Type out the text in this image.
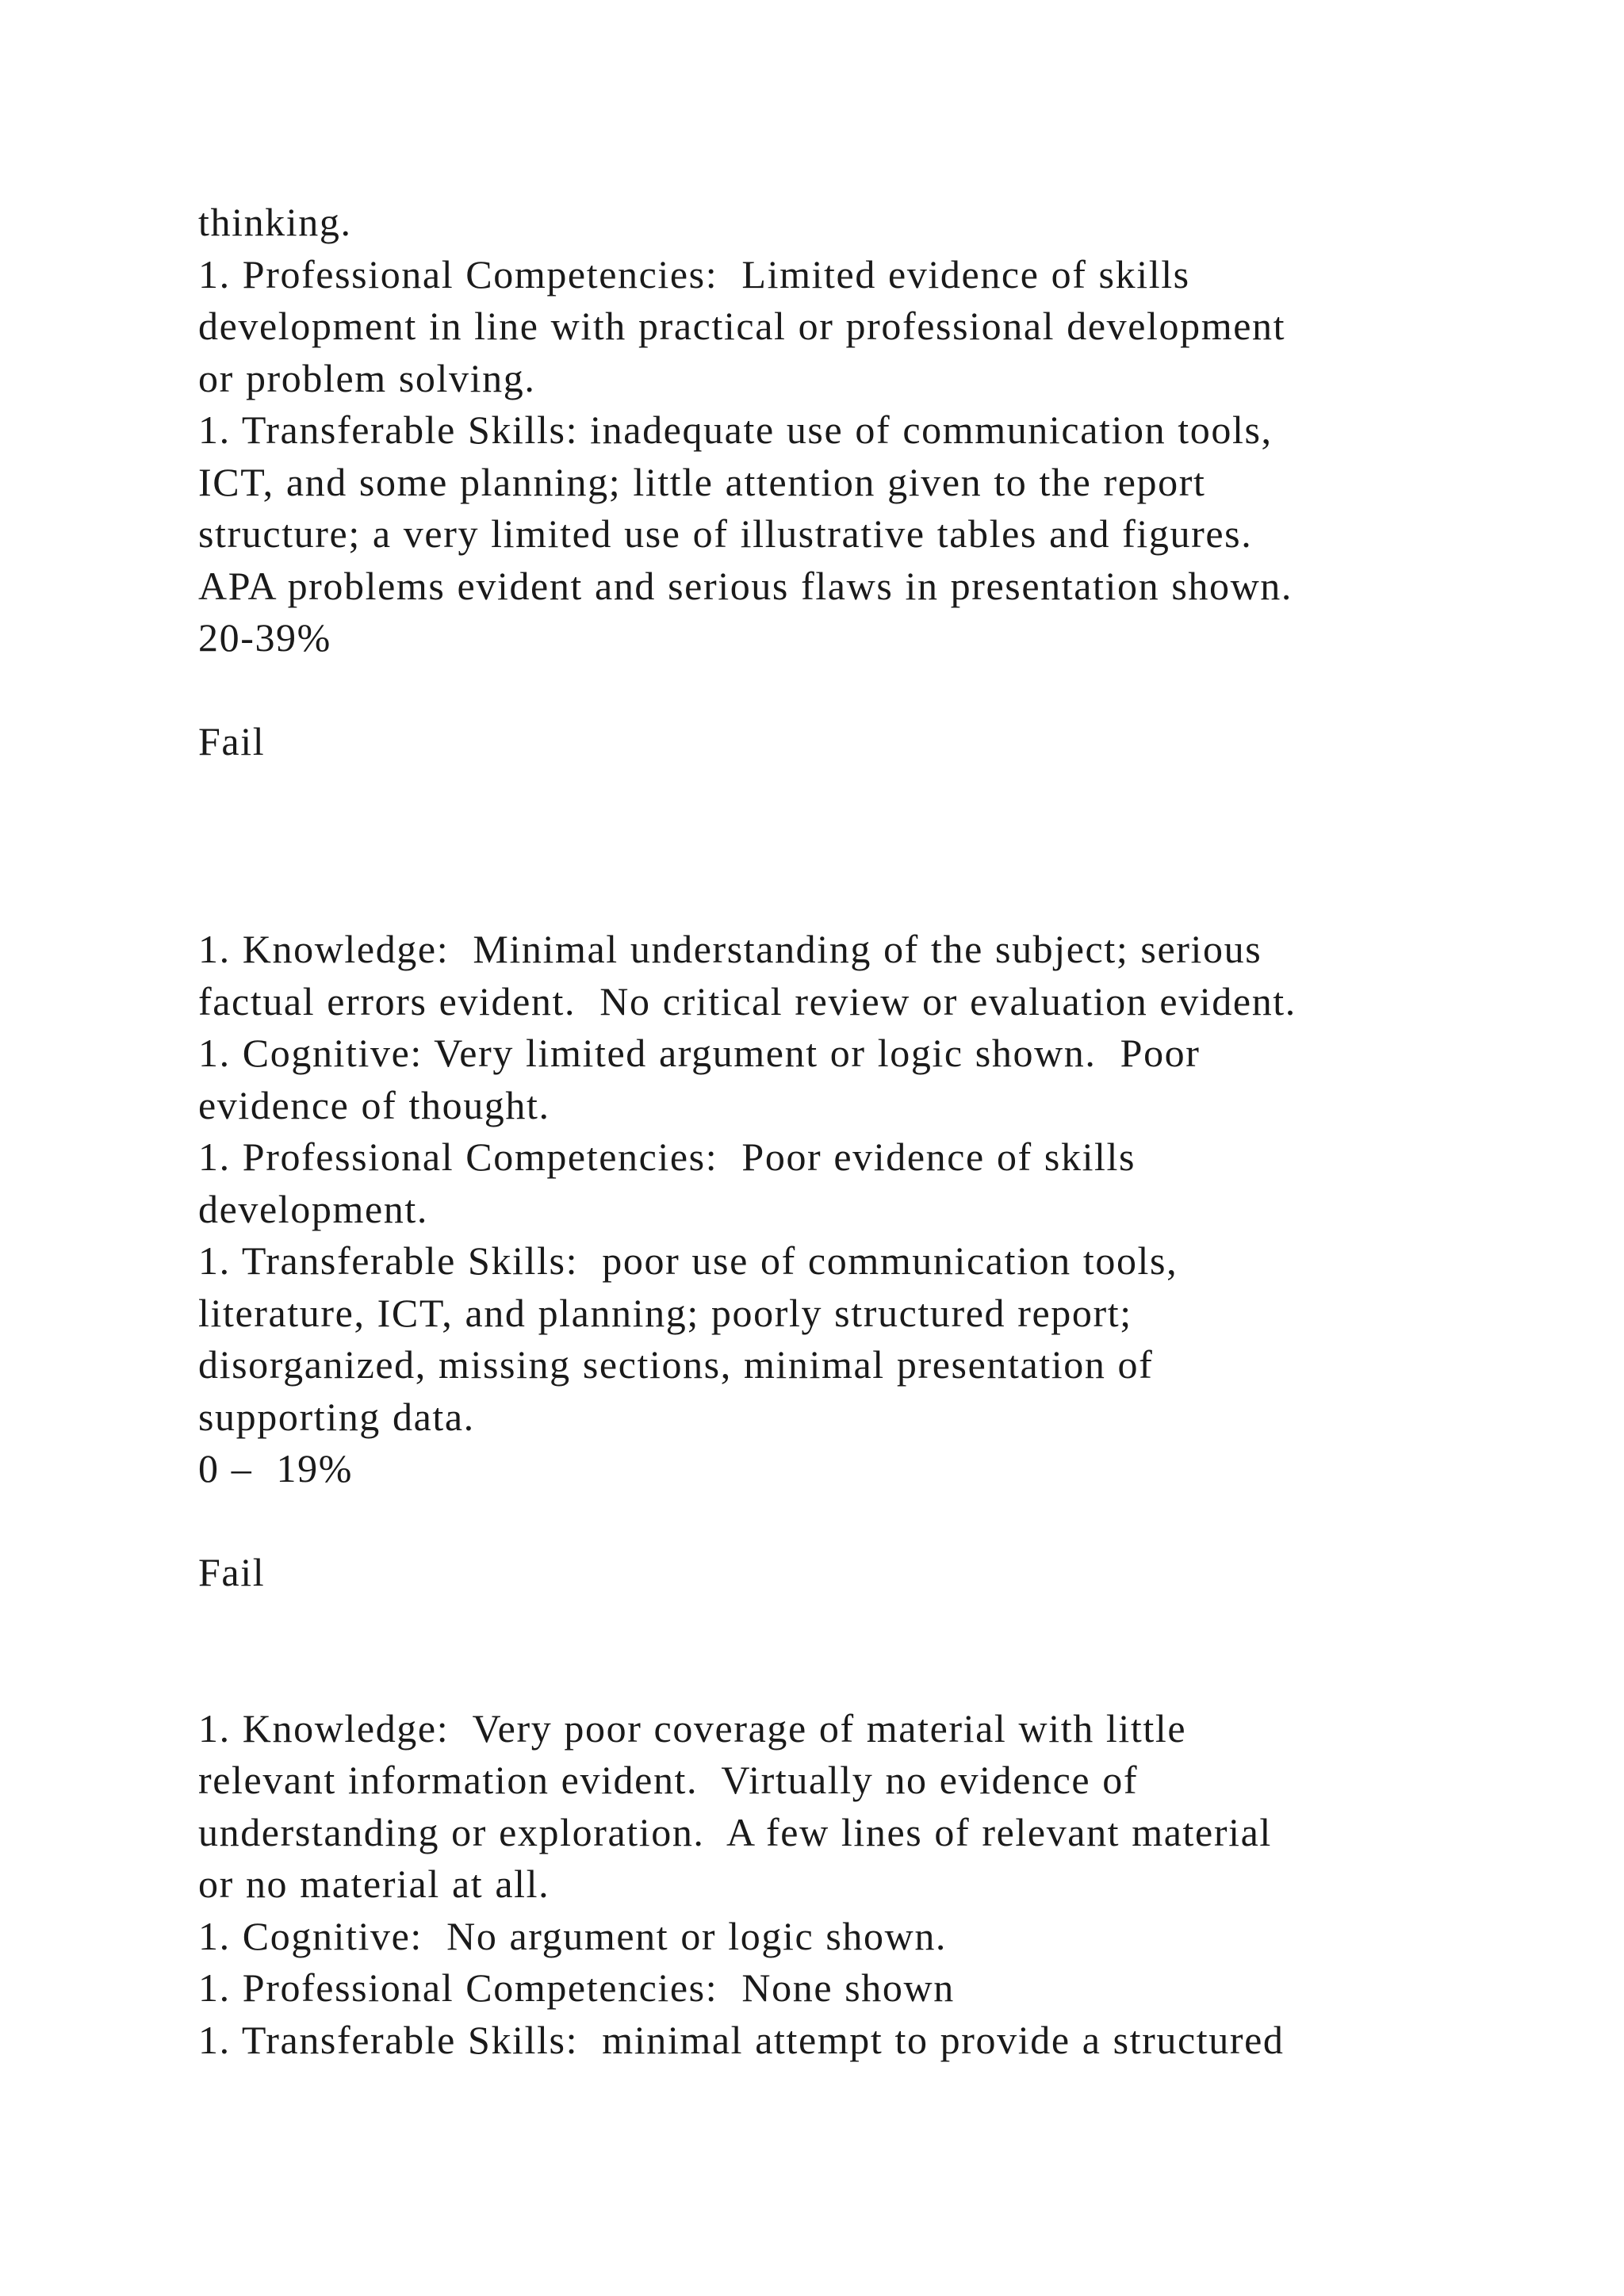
thinking.
1. Professional Competencies:  Limited evidence of skills
development in line with practical or professional development
or problem solving.
1. Transferable Skills: inadequate use of communication tools,
ICT, and some planning; little attention given to the report
structure; a very limited use of illustrative tables and figures.
APA problems evident and serious flaws in presentation shown.
20-39%
Fail
1. Knowledge:  Minimal understanding of the subject; serious
factual errors evident.  No critical review or evaluation evident.
1. Cognitive: Very limited argument or logic shown.  Poor
evidence of thought.
1. Professional Competencies:  Poor evidence of skills
development.
1. Transferable Skills:  poor use of communication tools,
literature, ICT, and planning; poorly structured report;
disorganized, missing sections, minimal presentation of
supporting data.
0 –  19%
Fail
1. Knowledge:  Very poor coverage of material with little
relevant information evident.  Virtually no evidence of
understanding or exploration.  A few lines of relevant material
or no material at all.
1. Cognitive:  No argument or logic shown.
1. Professional Competencies:  None shown
1. Transferable Skills:  minimal attempt to provide a structured
